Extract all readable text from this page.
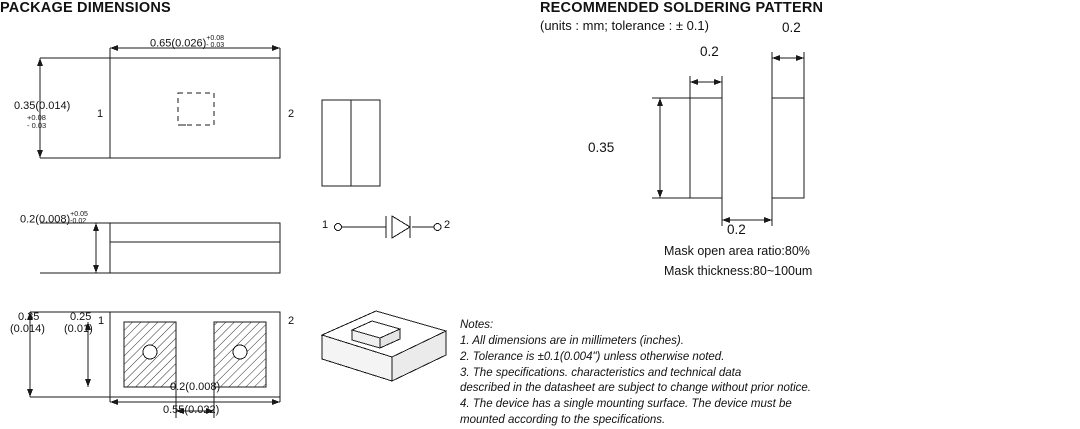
PACKAGE DIMENSIONS	RECOMMENDED SOLDERING PATTERN
(units : mm; tolerance : ± 0.1)
0.65(0.026)+0.08
- 0.03
0.35(0.014)
+0.08
- 0.03
0.2(0.008)+0.05
-0.02
0.35
(0.014)
0.25
(0.01)
0.2(0.008)
0.55(0.022)
1	2
1	2
1	2
0.2
0.2
0.35
0.2
Mask open area ratio:80%
Mask thickness:80~100um
Notes:
1. All dimensions are in millimeters (inches).
2. Tolerance is ±0.1(0.004") unless otherwise noted.
3. The specifications. characteristics and technical data
described in the datasheet are subject to change without prior notice.
4. The device has a single mounting surface. The device must be
mounted according to the specifications.
